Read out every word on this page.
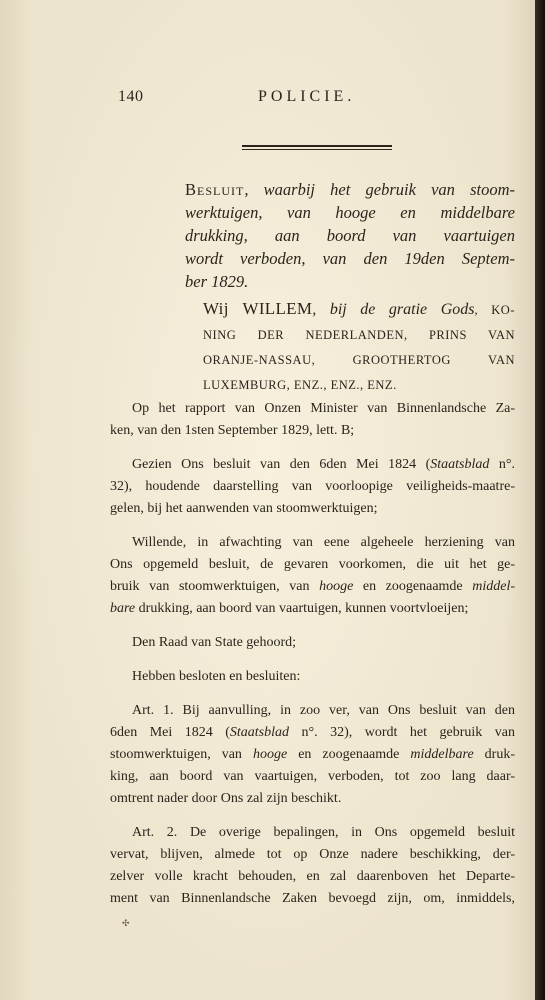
140	POLICIE.
Besluit, waarbij het gebruik van stoom-
werktuigen, van hooge en middelbare
drukking, aan boord van vaartuigen
wordt verboden, van den 19den Septem-
ber 1829.
Wij WILLEM, bij de gratie Gods, KO-
NING DER NEDERLANDEN, PRINS VAN
ORANJE-NASSAU, GROOTHERTOG VAN
LUXEMBURG, ENZ., ENZ., ENZ.
Op het rapport van Onzen Minister van Binnenlandsche Za-
ken, van den 1sten September 1829, lett. B;
Gezien Ons besluit van den 6den Mei 1824 (Staatsblad n°.
32), houdende daarstelling van voorloopige veiligheids-maatre-
gelen, bij het aanwenden van stoomwerktuigen;
Willende, in afwachting van eene algeheele herziening van
Ons opgemeld besluit, de gevaren voorkomen, die uit het ge-
bruik van stoomwerktuigen, van hooge en zoogenaamde middel-
bare drukking, aan boord van vaartuigen, kunnen voortvloeijen;
Den Raad van State gehoord;
Hebben besloten en besluiten:
Art. 1. Bij aanvulling, in zoo ver, van Ons besluit van den
6den Mei 1824 (Staatsblad n°. 32), wordt het gebruik van
stoomwerktuigen, van hooge en zoogenaamde middelbare druk-
king, aan boord van vaartuigen, verboden, tot zoo lang daar-
omtrent nader door Ons zal zijn beschikt.
Art. 2. De overige bepalingen, in Ons opgemeld besluit
vervat, blijven, almede tot op Onze nadere beschikking, der-
zelver volle kracht behouden, en zal daarenboven het Departe-
ment van Binnenlandsche Zaken bevoegd zijn, om, inmiddels,
✣
